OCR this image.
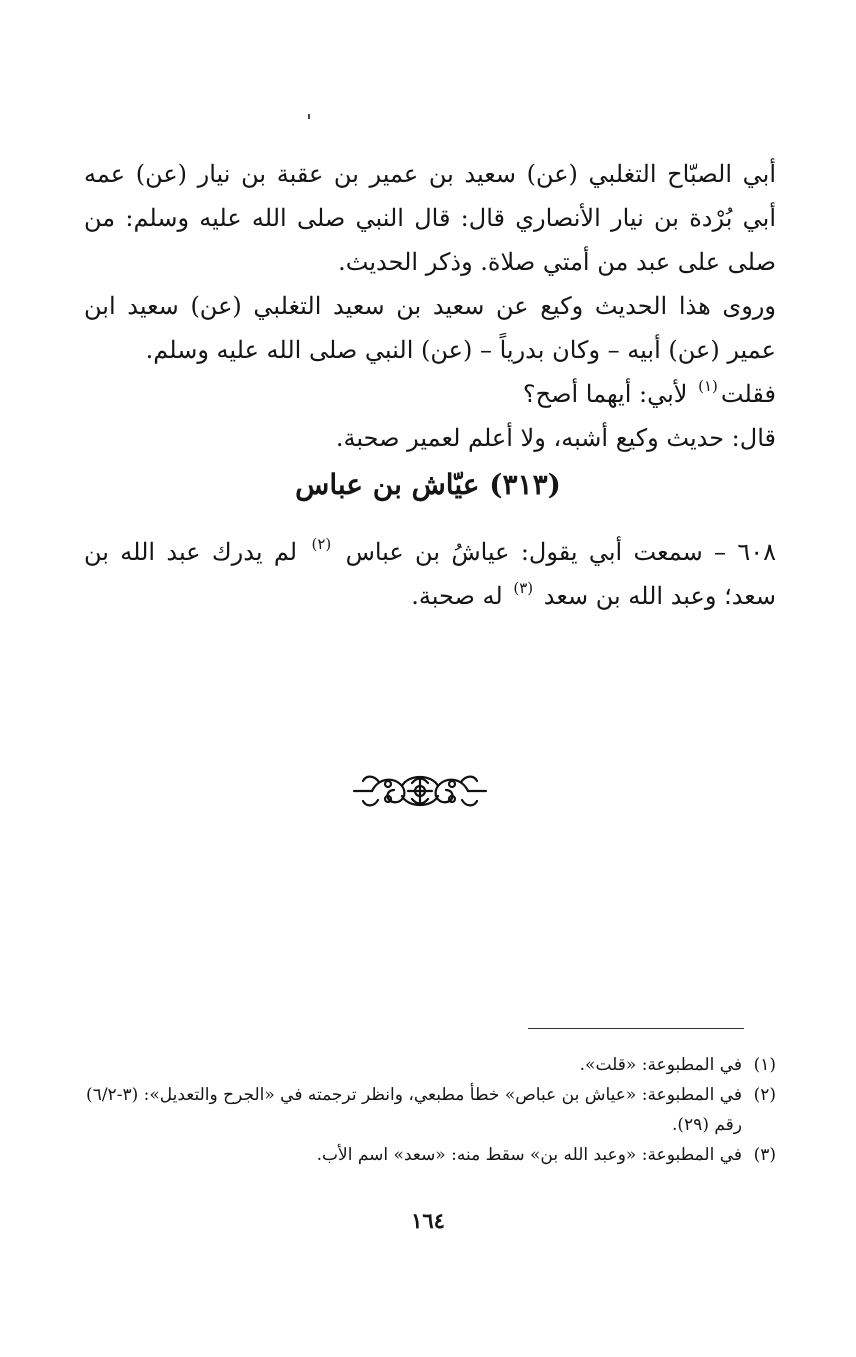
أبي الصبّاح التغلبي (عن) سعيد بن عمير بن عقبة بن نيار (عن) عمه أبي بُرْدة بن نيار الأنصاري قال: قال النبي صلى الله عليه وسلم: من صلى على عبد من أمتي صلاة. وذكر الحديث.

وروى هذا الحديث وكيع عن سعيد بن سعيد التغلبي (عن) سعيد ابن عمير (عن) أبيه – وكان بدرياً – (عن) النبي صلى الله عليه وسلم.

فقلت$^{(١)}$ لأبي: أيهما أصح؟

قال: حديث وكيع أشبه، ولا أعلم لعمير صحبة.

(٣١٣) عيّاش بن عباس

٦٠٨ – سمعت أبي يقول: عياشُ بن عباس $^{(٢)}$ لم يدرك عبد الله بن سعد؛ وعبد الله بن سعد $^{(٣)}$ له صحبة.

(١)
في المطبوعة: «قلت».
(٢)
في المطبوعة: «عياش بن عباص» خطأ مطبعي، وانظر ترجمته في «الجرح والتعديل»: (٣-٦/٢) رقم (٢٩).
(٣)
في المطبوعة: «وعبد الله بن» سقط منه: «سعد» اسم الأب.
١٦٤
